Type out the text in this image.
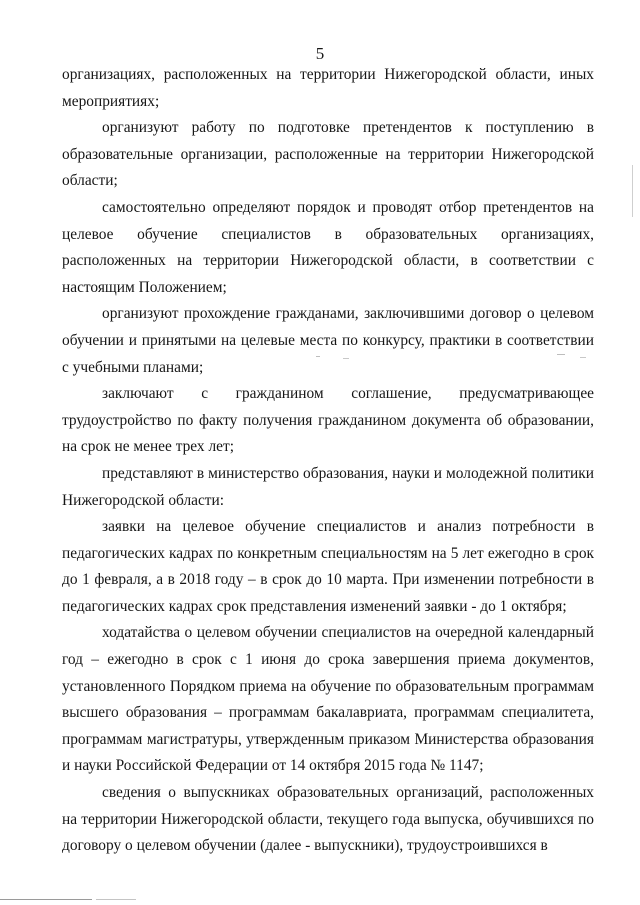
5

организациях, расположенных на территории Нижегородской области, иных мероприятиях;

организуют работу по подготовке претендентов к поступлению в образовательные организации, расположенные на территории Нижегородской области;

самостоятельно определяют порядок и проводят отбор претендентов на целевое обучение специалистов в образовательных организациях, расположенных на территории Нижегородской области, в соответствии с настоящим Положением;

организуют прохождение гражданами, заключившими договор о целевом обучении и принятыми на целевые места по конкурсу, практики в соответствии с учебными планами;

заключают с гражданином соглашение, предусматривающее трудоустройство по факту получения гражданином документа об образовании, на срок не менее трех лет;

представляют в министерство образования, науки и молодежной политики Нижегородской области:

заявки на целевое обучение специалистов и анализ потребности в педагогических кадрах по конкретным специальностям на 5 лет ежегодно в срок до 1 февраля, а в 2018 году – в срок до 10 марта. При изменении потребности в педагогических кадрах срок представления изменений заявки - до 1 октября;

ходатайства о целевом обучении специалистов на очередной календарный год – ежегодно в срок с 1 июня до срока завершения приема документов, установленного Порядком приема на обучение по образовательным программам высшего образования – программам бакалавриата, программам специалитета, программам магистратуры, утвержденным приказом Министерства образования и науки Российской Федерации от 14 октября 2015 года № 1147;

сведения о выпускниках образовательных организаций, расположенных на территории Нижегородской области, текущего года выпуска, обучившихся по договору о целевом обучении (далее - выпускники), трудоустроившихся в
